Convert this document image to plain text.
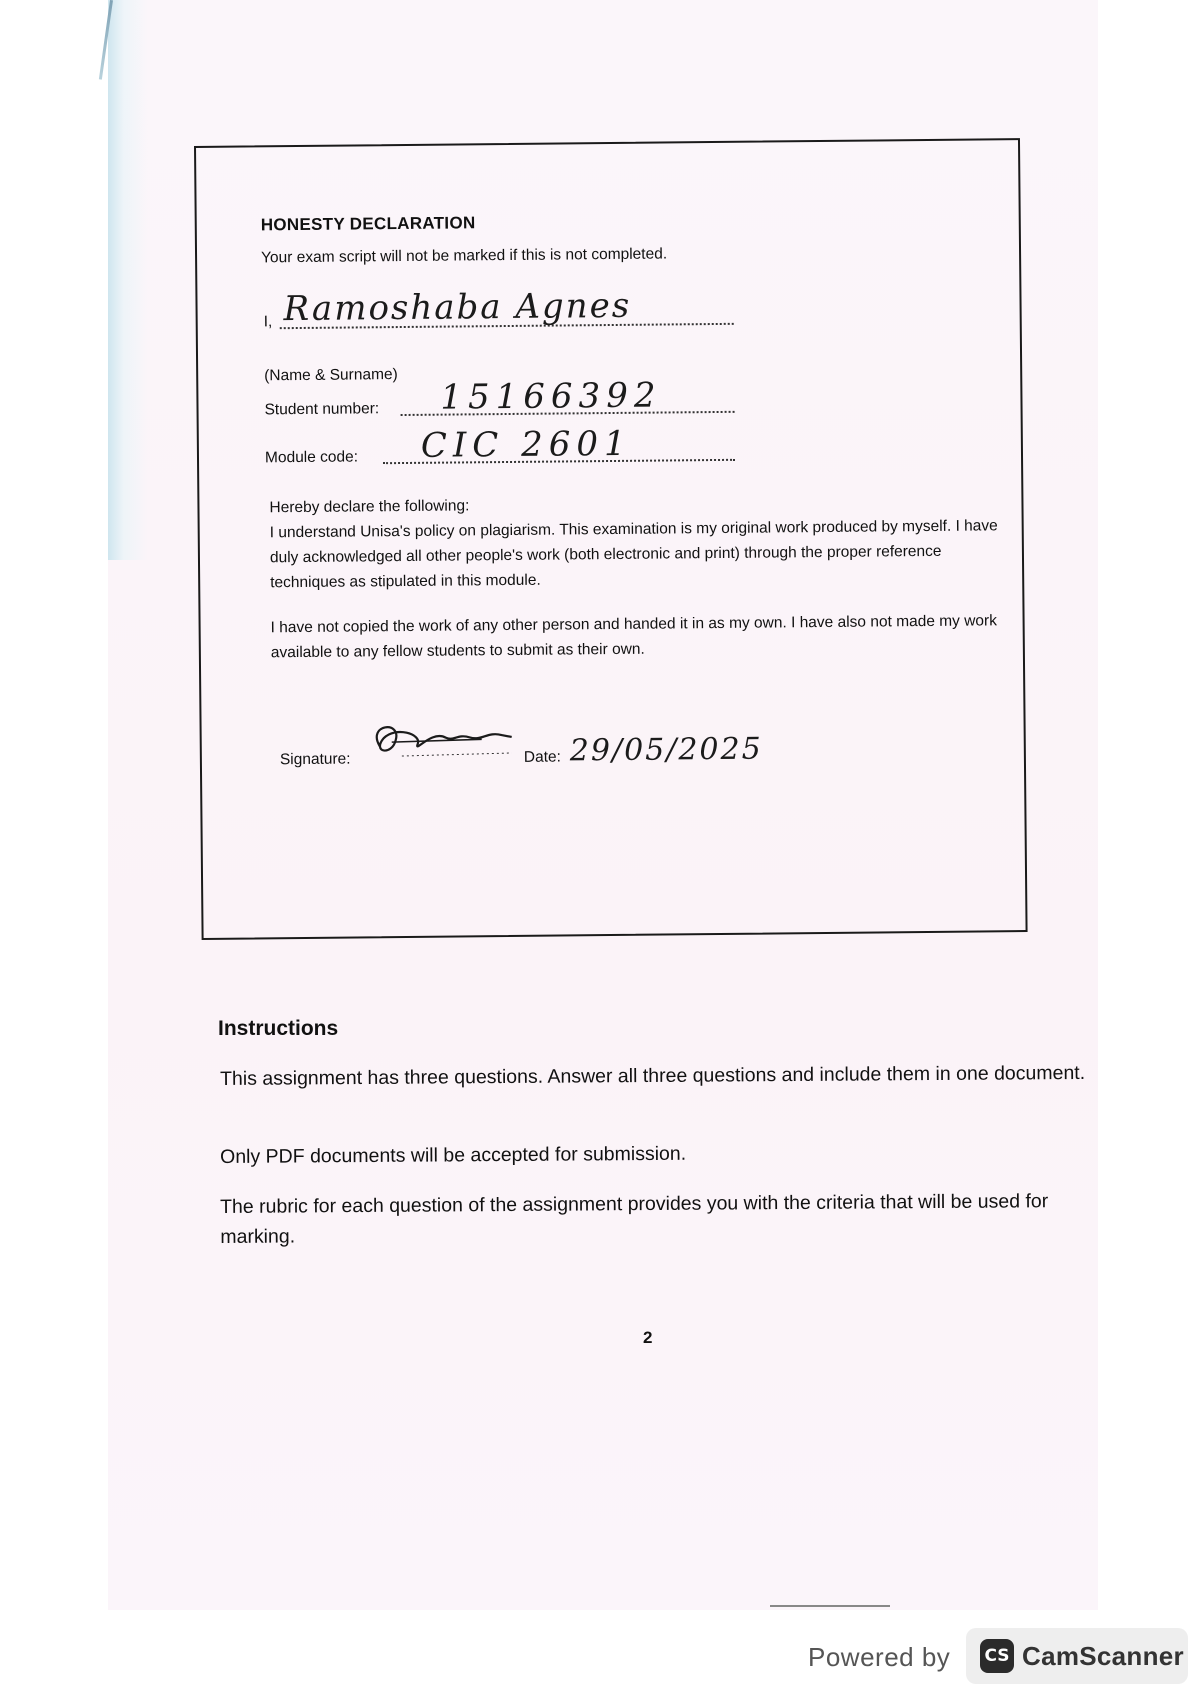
HONESTY DECLARATION
Your exam script will not be marked if this is not completed.
I, Ramoshaba Agnes
(Name & Surname)
Student number: 15166392
Module code: CIC 2601
Hereby declare the following:
I understand Unisa's policy on plagiarism. This examination is my original work produced by myself. I have duly acknowledged all other people's work (both electronic and print) through the proper reference techniques as stipulated in this module.
I have not copied the work of any other person and handed it in as my own. I have also not made my work available to any fellow students to submit as their own.
Signature:	Date: 29/05/2025
Instructions
This assignment has three questions. Answer all three questions and include them in one document.
Only PDF documents will be accepted for submission.
The rubric for each question of the assignment provides you with the criteria that will be used for marking.
2
Powered by CS CamScanner
